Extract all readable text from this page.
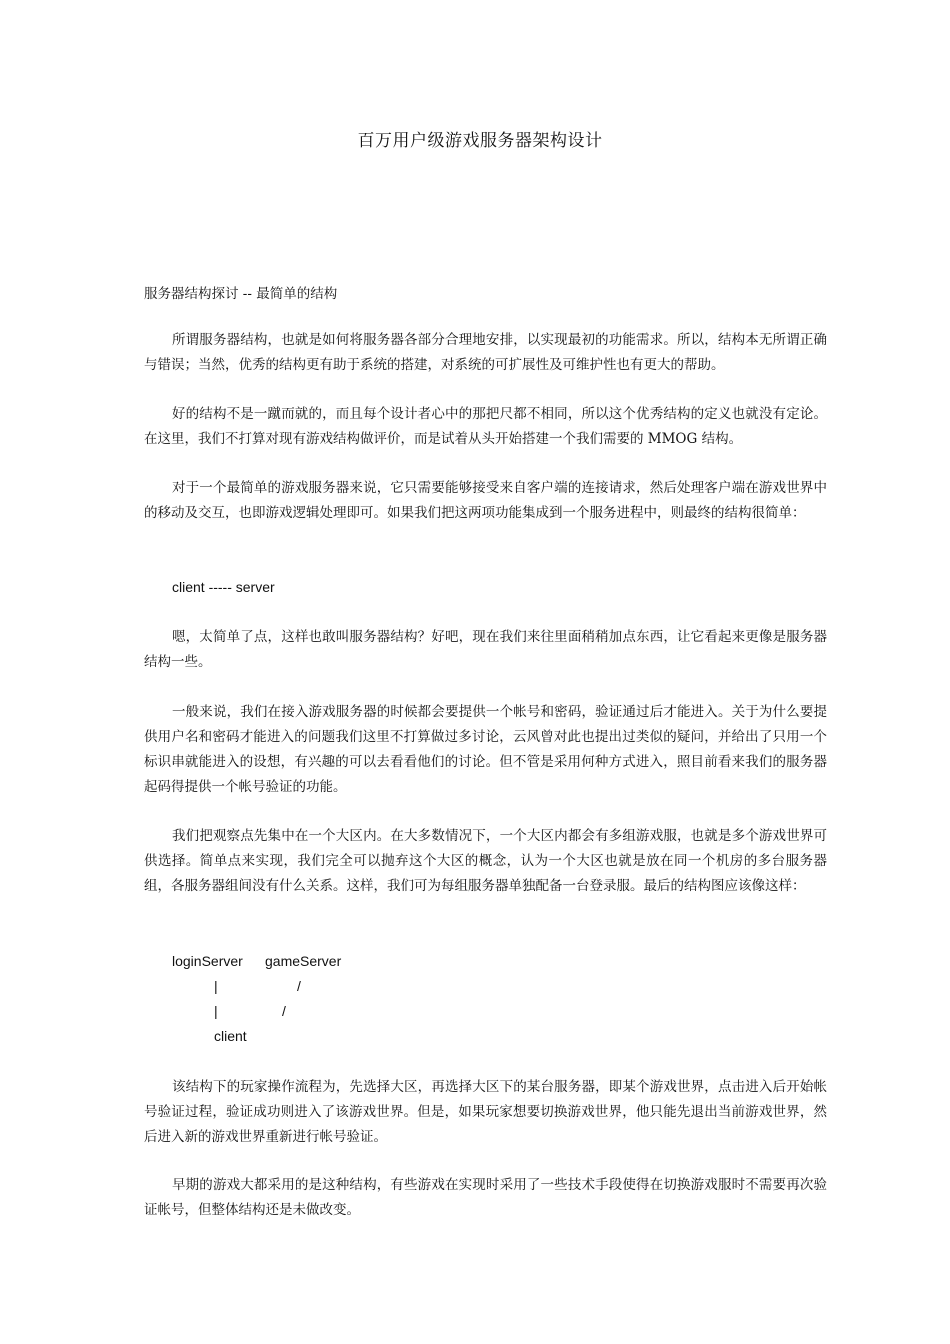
百万用户级游戏服务器架构设计
服务器结构探讨 -- 最简单的结构

所谓服务器结构，也就是如何将服务器各部分合理地安排，以实现最初的功能需求。所以，结构本无所谓正确与错误；当然，优秀的结构更有助于系统的搭建，对系统的可扩展性及可维护性也有更大的帮助。

好的结构不是一蹴而就的，而且每个设计者心中的那把尺都不相同，所以这个优秀结构的定义也就没有定论。在这里，我们不打算对现有游戏结构做评价，而是试着从头开始搭建一个我们需要的 MMOG 结构。

对于一个最简单的游戏服务器来说，它只需要能够接受来自客户端的连接请求，然后处理客户端在游戏世界中的移动及交互，也即游戏逻辑处理即可。如果我们把这两项功能集成到一个服务进程中，则最终的结构很简单：

client ----- server

嗯，太简单了点，这样也敢叫服务器结构？好吧，现在我们来往里面稍稍加点东西，让它看起来更像是服务器结构一些。

一般来说，我们在接入游戏服务器的时候都会要提供一个帐号和密码，验证通过后才能进入。关于为什么要提供用户名和密码才能进入的问题我们这里不打算做过多讨论，云风曾对此也提出过类似的疑问，并给出了只用一个标识串就能进入的设想，有兴趣的可以去看看他们的讨论。但不管是采用何种方式进入，照目前看来我们的服务器起码得提供一个帐号验证的功能。

我们把观察点先集中在一个大区内。在大多数情况下，一个大区内都会有多组游戏服，也就是多个游戏世界可供选择。简单点来实现，我们完全可以抛弃这个大区的概念，认为一个大区也就是放在同一个机房的多台服务器组，各服务器组间没有什么关系。这样，我们可为每组服务器单独配备一台登录服。最后的结构图应该像这样：

loginServer gameServer
|	/
|	/
client

该结构下的玩家操作流程为，先选择大区，再选择大区下的某台服务器，即某个游戏世界，点击进入后开始帐号验证过程，验证成功则进入了该游戏世界。但是，如果玩家想要切换游戏世界，他只能先退出当前游戏世界，然后进入新的游戏世界重新进行帐号验证。

早期的游戏大都采用的是这种结构，有些游戏在实现时采用了一些技术手段使得在切换游戏服时不需要再次验证帐号，但整体结构还是未做改变。
